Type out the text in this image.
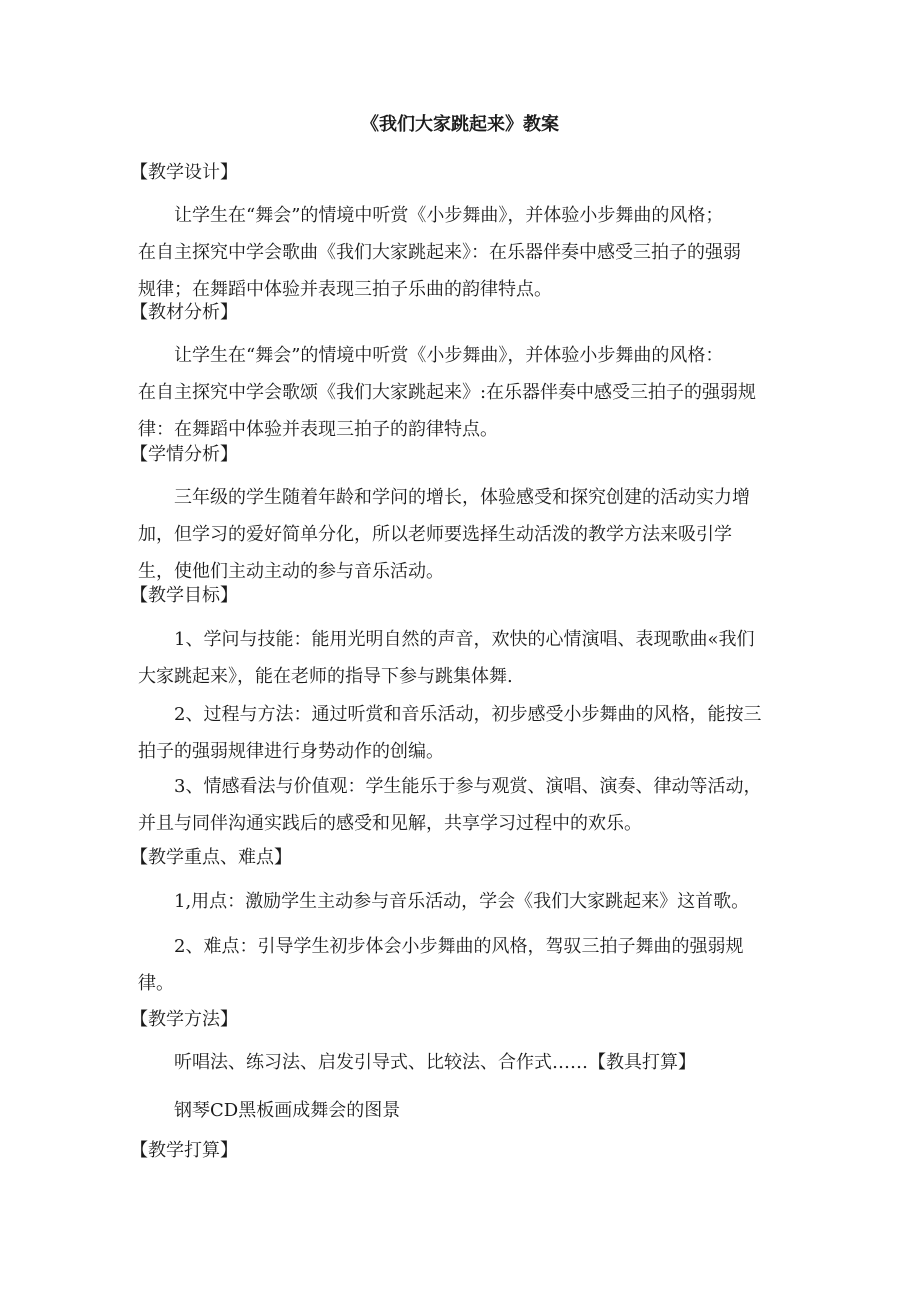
《我们大家跳起来》教案
【教学设计】
让学生在“舞会”的情境中听赏《小步舞曲》，并体验小步舞曲的风格；
在自主探究中学会歌曲《我们大家跳起来》：在乐器伴奏中感受三拍子的强弱
规律；在舞蹈中体验并表现三拍子乐曲的韵律特点。
【教材分析】
让学生在“舞会”的情境中听赏《小步舞曲》，并体验小步舞曲的风格：
在自主探究中学会歌颂《我们大家跳起来》:在乐器伴奏中感受三拍子的强弱规
律：在舞蹈中体验并表现三拍子的韵律特点。
【学情分析】
三年级的学生随着年龄和学问的增长，体验感受和探究创建的活动实力增
加，但学习的爱好简单分化，所以老师要选择生动活泼的教学方法来吸引学
生，使他们主动主动的参与音乐活动。
【教学目标】
1、学问与技能：能用光明自然的声音，欢快的心情演唱、表现歌曲«我们
大家跳起来》，能在老师的指导下参与跳集体舞.
2、过程与方法：通过听赏和音乐活动，初步感受小步舞曲的风格，能按三
拍子的强弱规律进行身势动作的创编。
3、情感看法与价值观：学生能乐于参与观赏、演唱、演奏、律动等活动，
并且与同伴沟通实践后的感受和见解，共享学习过程中的欢乐。
【教学重点、难点】
1,用点：激励学生主动参与音乐活动，学会《我们大家跳起来》这首歌。
2、难点：引导学生初步体会小步舞曲的风格，驾驭三拍子舞曲的强弱规
律。
【教学方法】
听唱法、练习法、启发引导式、比较法、合作式……【教具打算】
钢琴CD黑板画成舞会的图景
【教学打算】
